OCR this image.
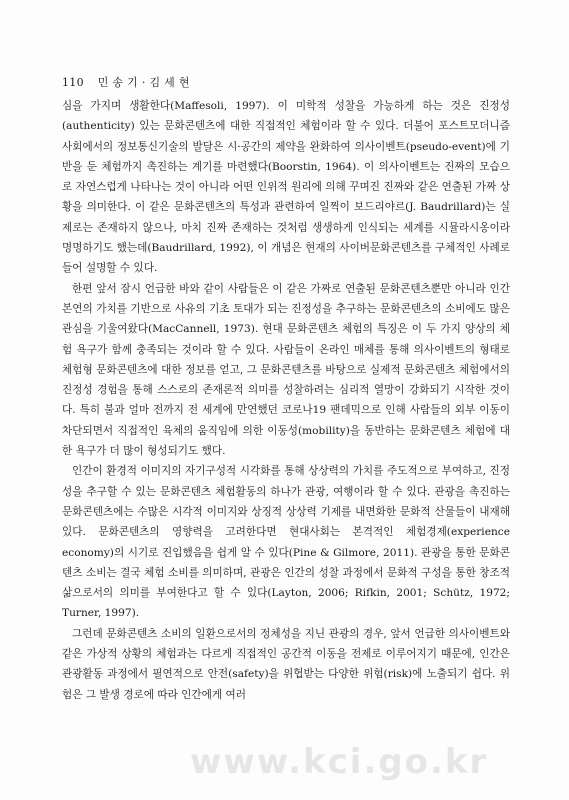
110 민 송 기 · 김 세 현

심을 가지며 생활한다(Maffesoli, 1997). 이 미학적 성찰을 가능하게 하는 것은 진정성(authenticity) 있는 문화콘텐츠에 대한 직접적인 체험이라 할 수 있다. 더불어 포스트모더니즘 사회에서의 정보통신기술의 발달은 시·공간의 제약을 완화하여 의사이벤트(pseudo-event)에 기반을 둔 체험까지 촉진하는 계기를 마련했다(Boorstin, 1964). 이 의사이벤트는 진짜의 모습으로 자연스럽게 나타나는 것이 아니라 어떤 인위적 원리에 의해 꾸며진 진짜와 같은 연출된 가짜 상황을 의미한다. 이 같은 문화콘텐츠의 특성과 관련하여 일찍이 보드리야르(J. Baudrillard)는 실제로는 존재하지 않으나, 마치 진짜 존재하는 것처럼 생생하게 인식되는 세계를 시뮬라시옹이라 명명하기도 했는데(Baudrillard, 1992), 이 개념은 현재의 사이버문화콘텐츠를 구체적인 사례로 들어 설명할 수 있다.

한편 앞서 잠시 언급한 바와 같이 사람들은 이 같은 가짜로 연출된 문화콘텐츠뿐만 아니라 인간 본연의 가치를 기반으로 사유의 기초 토대가 되는 진정성을 추구하는 문화콘텐츠의 소비에도 많은 관심을 기울여왔다(MacCannell, 1973). 현대 문화콘텐츠 체험의 특징은 이 두 가지 양상의 체험 욕구가 함께 충족되는 것이라 할 수 있다. 사람들이 온라인 매체를 통해 의사이벤트의 형태로 체험형 문화콘텐츠에 대한 정보를 얻고, 그 문화콘텐츠를 바탕으로 실제적 문화콘텐츠 체험에서의 진정성 경험을 통해 스스로의 존재론적 의미를 성찰하려는 심리적 열망이 강화되기 시작한 것이다. 특히 불과 얼마 전까지 전 세계에 만연했던 코로나19 팬데믹으로 인해 사람들의 외부 이동이 차단되면서 직접적인 육체의 움직임에 의한 이동성(mobility)을 동반하는 문화콘텐츠 체험에 대한 욕구가 더 많이 형성되기도 했다.

인간이 환경적 이미지의 자기구성적 시각화를 통해 상상력의 가치를 주도적으로 부여하고, 진정성을 추구할 수 있는 문화콘텐츠 체험활동의 하나가 관광, 여행이라 할 수 있다. 관광을 촉진하는 문화콘텐츠에는 수많은 시각적 이미지와 상징적 상상력 기제를 내면화한 문화적 산물들이 내재해 있다. 문화콘텐츠의 영향력을 고려한다면 현대사회는 본격적인 체험경제(experience economy)의 시기로 진입했음을 쉽게 알 수 있다(Pine & Gilmore, 2011). 관광을 통한 문화콘텐츠 소비는 결국 체험 소비를 의미하며, 관광은 인간의 성찰 과정에서 문화적 구성을 통한 창조적 삶으로서의 의미를 부여한다고 할 수 있다(Layton, 2006; Rifkin, 2001; Schütz, 1972; Turner, 1997).

그런데 문화콘텐츠 소비의 일환으로서의 정체성을 지닌 관광의 경우, 앞서 언급한 의사이벤트와 같은 가상적 상황의 체험과는 다르게 직접적인 공간적 이동을 전제로 이루어지기 때문에, 인간은 관광활동 과정에서 필연적으로 안전(safety)을 위협받는 다양한 위험(risk)에 노출되기 쉽다. 위험은 그 발생 경로에 따라 인간에게 여러

www.kci.go.kr
